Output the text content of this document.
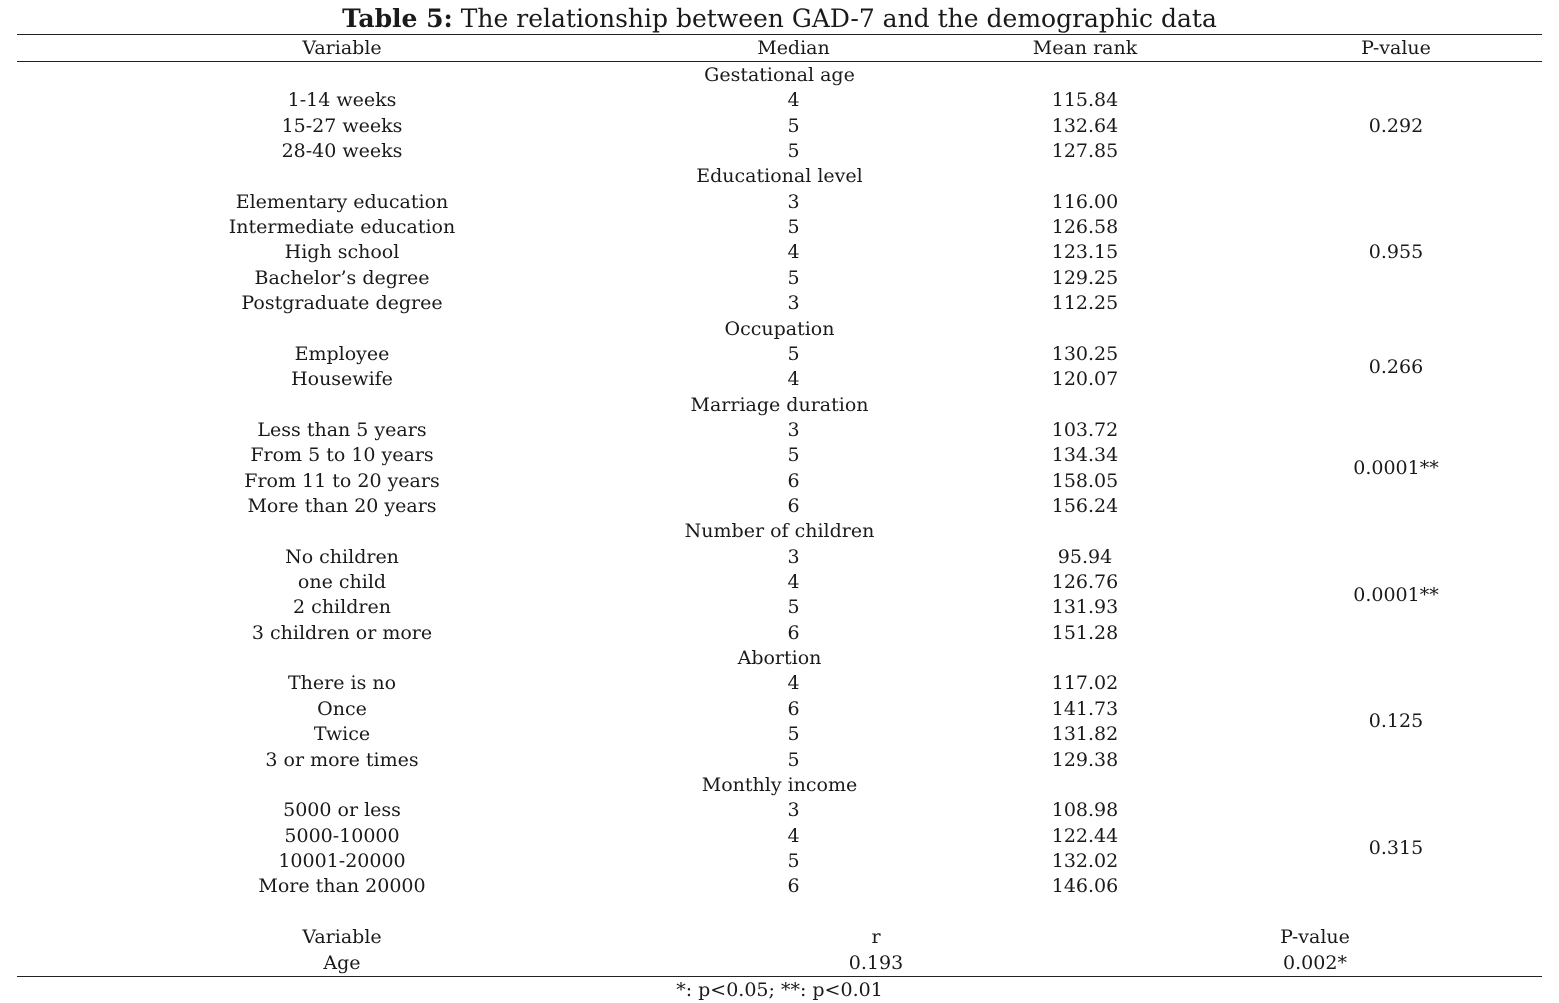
Table 5: The relationship between GAD-7 and the demographic data
Variable	Median	Mean rank	P-value
Gestational age
1-14 weeks	4	115.84
15-27 weeks	5	132.64
28-40 weeks	5	127.85
0.292
Educational level
Elementary education	3	116.00
Intermediate education	5	126.58
High school	4	123.15
Bachelor’s degree	5	129.25
Postgraduate degree	3	112.25
0.955
Occupation
Employee	5	130.25
Housewife	4	120.07
0.266
Marriage duration
Less than 5 years	3	103.72
From 5 to 10 years	5	134.34
From 11 to 20 years	6	158.05
More than 20 years	6	156.24
0.0001**
Number of children
No children	3	95.94
one child	4	126.76
2 children	5	131.93
3 children or more	6	151.28
0.0001**
Abortion
There is no	4	117.02
Once	6	141.73
Twice	5	131.82
3 or more times	5	129.38
0.125
Monthly income
5000 or less	3	108.98
5000-10000	4	122.44
10001-20000	5	132.02
More than 20000	6	146.06
0.315
Variable	r	P-value
Age	0.193	0.002*
*: p<0.05; **: p<0.01
